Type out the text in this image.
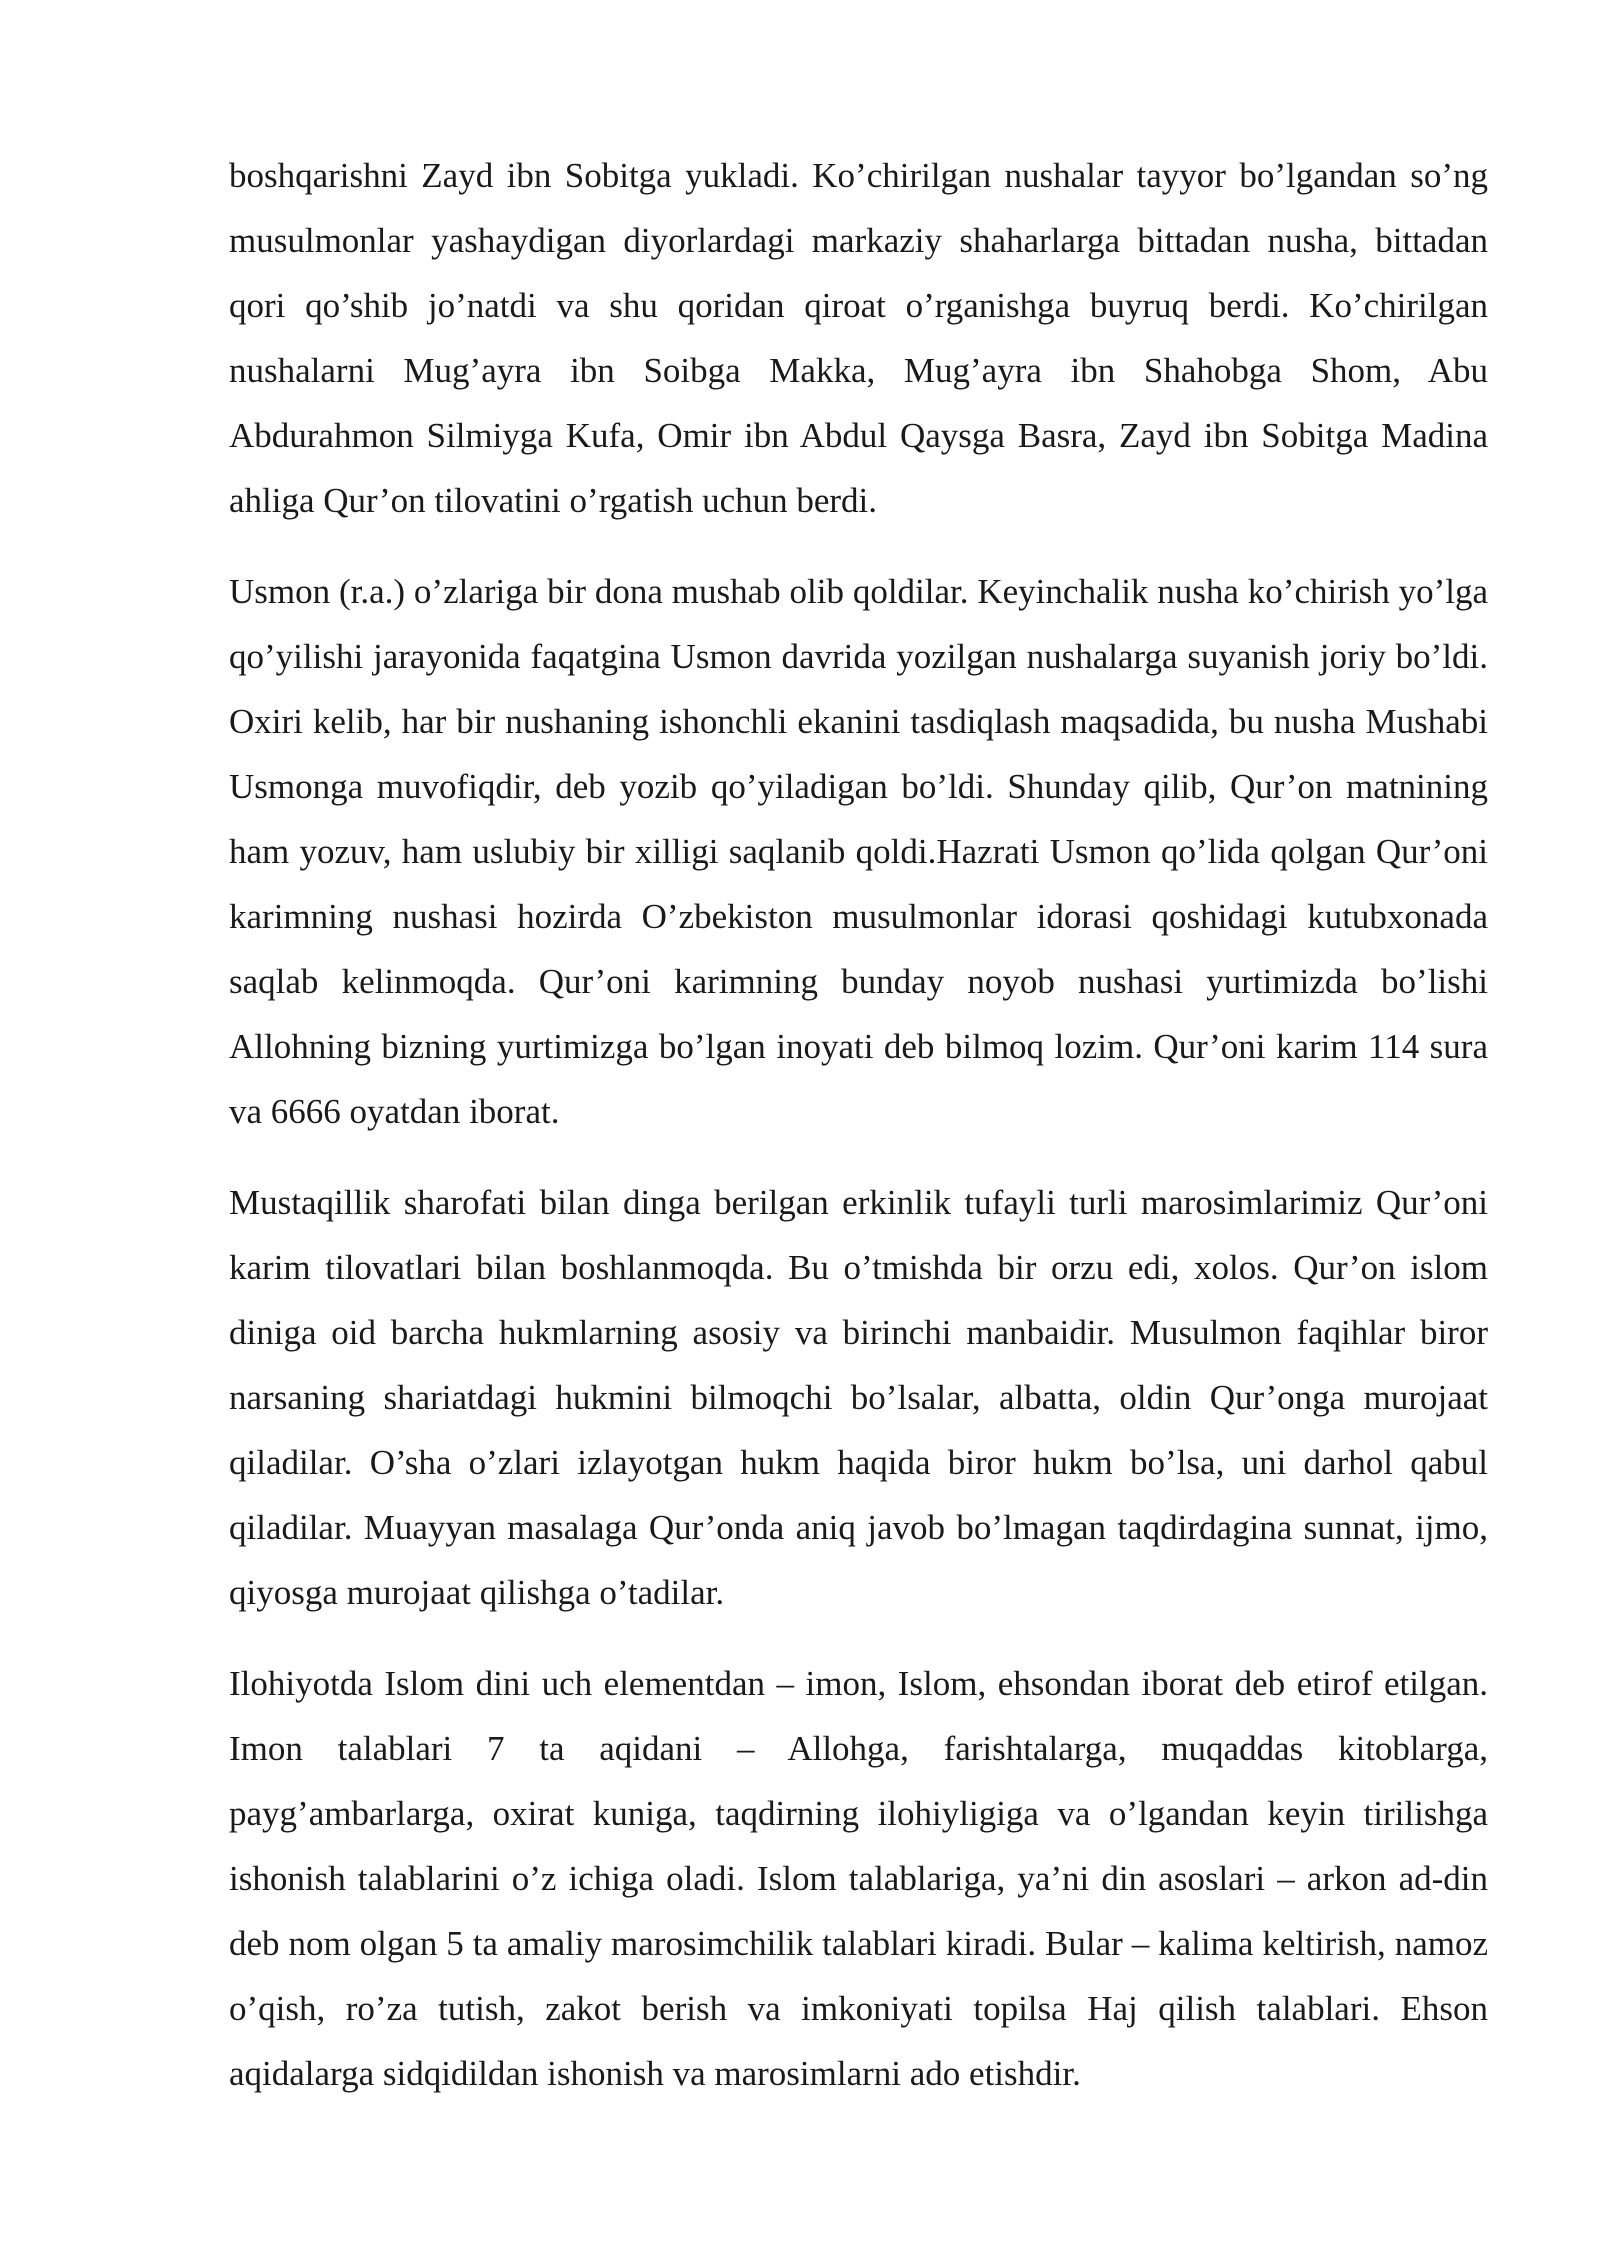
boshqarishni Zayd ibn Sobitga yukladi. Ko’chirilgan nushalar tayyor bo’lgandan so’ng musulmonlar yashaydigan diyorlardagi markaziy shaharlarga bittadan nusha, bittadan qori qo’shib jo’natdi va shu qoridan qiroat o’rganishga buyruq berdi. Ko’chirilgan nushalarni Mug’ayra ibn Soibga Makka, Mug’ayra ibn Shahobga Shom, Abu Abdurahmon Silmiyga Kufa, Omir ibn Abdul Qaysga Basra, Zayd ibn Sobitga Madina ahliga Qur’on tilovatini o’rgatish uchun berdi.

Usmon (r.a.) o’zlariga bir dona mushab olib qoldilar. Keyinchalik nusha ko’chirish yo’lga qo’yilishi jarayonida faqatgina Usmon davrida yozilgan nushalarga suyanish joriy bo’ldi. Oxiri kelib, har bir nushaning ishonchli ekanini tasdiqlash maqsadida, bu nusha Mushabi Usmonga muvofiqdir, deb yozib qo’yiladigan bo’ldi. Shunday qilib, Qur’on matnining ham yozuv, ham uslubiy bir xilligi saqlanib qoldi.Hazrati Usmon qo’lida qolgan Qur’oni karimning nushasi hozirda O’zbekiston musulmonlar idorasi qoshidagi kutubxonada saqlab kelinmoqda. Qur’oni karimning bunday noyob nushasi yurtimizda bo’lishi Allohning bizning yurtimizga bo’lgan inoyati deb bilmoq lozim. Qur’oni karim 114 sura va 6666 oyatdan iborat.

Mustaqillik sharofati bilan dinga berilgan erkinlik tufayli turli marosimlarimiz Qur’oni karim tilovatlari bilan boshlanmoqda. Bu o’tmishda bir orzu edi, xolos. Qur’on islom diniga oid barcha hukmlarning asosiy va birinchi manbaidir. Musulmon faqihlar biror narsaning shariatdagi hukmini bilmoqchi bo’lsalar, albatta, oldin Qur’onga murojaat qiladilar. O’sha o’zlari izlayotgan hukm haqida biror hukm bo’lsa, uni darhol qabul qiladilar. Muayyan masalaga Qur’onda aniq javob bo’lmagan taqdirdagina sunnat, ijmo, qiyosga murojaat qilishga o’tadilar.

Ilohiyotda Islom dini uch elementdan – imon, Islom, ehsondan iborat deb etirof etilgan. Imon talablari 7 ta aqidani – Allohga, farishtalarga, muqaddas kitoblarga, payg’ambarlarga, oxirat kuniga, taqdirning ilohiyligiga va o’lgandan keyin tirilishga ishonish talablarini o’z ichiga oladi. Islom talablariga, ya’ni din asoslari – arkon ad-din deb nom olgan 5 ta amaliy marosimchilik talablari kiradi. Bular – kalima keltirish, namoz o’qish, ro’za tutish, zakot berish va imkoniyati topilsa Haj qilish talablari. Ehson aqidalarga sidqidildan ishonish va marosimlarni ado etishdir.
